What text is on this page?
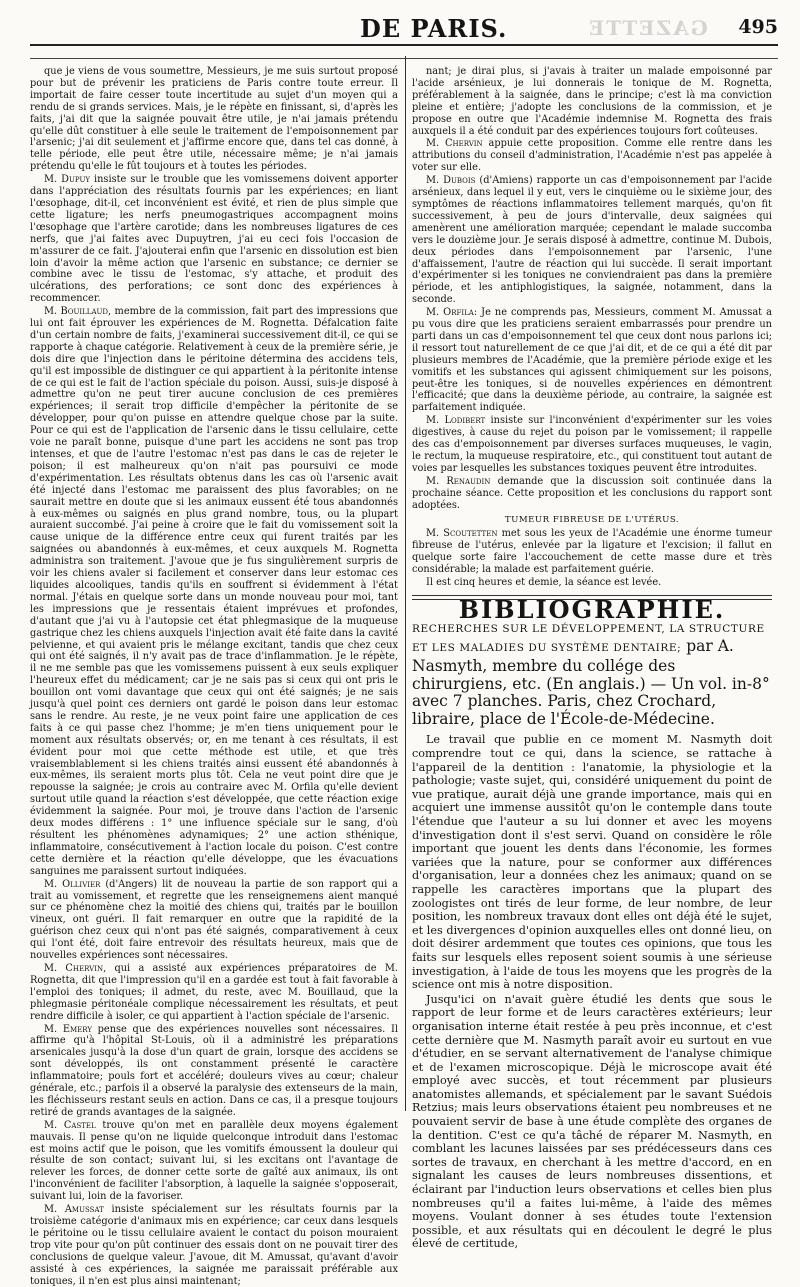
GAZETTE
DE PARIS.	495

que je viens de vous soumettre, Messieurs, je me suis surtout proposé pour but de prévenir les praticiens de Paris contre toute erreur. Il importait de faire cesser toute incertitude au sujet d'un moyen qui a rendu de si grands services. Mais, je le répète en finissant, si, d'après les faits, j'ai dit que la saignée pouvait être utile, je n'ai jamais prétendu qu'elle dût constituer à elle seule le traitement de l'empoisonnement par l'arsenic; j'ai dit seulement et j'affirme encore que, dans tel cas donné, à telle période, elle peut être utile, nécessaire même; je n'ai jamais prétendu qu'elle le fût toujours et à toutes les périodes.

M. Dupuy insiste sur le trouble que les vomissemens doivent apporter dans l'appréciation des résultats fournis par les expériences; en liant l'œsophage, dit-il, cet inconvénient est évité, et rien de plus simple que cette ligature; les nerfs pneumogastriques accompagnent moins l'œsophage que l'artère carotide; dans les nombreuses ligatures de ces nerfs, que j'ai faites avec Dupuytren, j'ai eu ceci fois l'occasion de m'assurer de ce fait. J'ajouterai enfin que l'arsenic en dissolution est bien loin d'avoir la même action que l'arsenic en substance; ce dernier se combine avec le tissu de l'estomac, s'y attache, et produit des ulcérations, des perforations; ce sont donc des expériences à recommencer.

M. Bouillaud, membre de la commission, fait part des impressions que lui ont fait éprouver les expériences de M. Rognetta. Défalcation faite d'un certain nombre de faits, j'examinerai successivement dit-il, ce qui se rapporte à chaque catégorie. Relativement à ceux de la première série, je dois dire que l'injection dans le péritoine détermina des accidens tels, qu'il est impossible de distinguer ce qui appartient à la péritonite intense de ce qui est le fait de l'action spéciale du poison. Aussi, suis-je disposé à admettre qu'on ne peut tirer aucune conclusion de ces premières expériences; il serait trop difficile d'empêcher la péritonite de se développer, pour qu'on puisse en attendre quelque chose par la suite. Pour ce qui est de l'application de l'arsenic dans le tissu cellulaire, cette voie ne paraît bonne, puisque d'une part les accidens ne sont pas trop intenses, et que de l'autre l'estomac n'est pas dans le cas de rejeter le poison; il est malheureux qu'on n'ait pas poursuivi ce mode d'expérimentation. Les résultats obtenus dans les cas où l'arsenic avait été injecté dans l'estomac me paraissent des plus favorables; on ne saurait mettre en doute que si les animaux eussent été tous abandonnés à eux-mêmes ou saignés en plus grand nombre, tous, ou la plupart auraient succombé. J'ai peine à croire que le fait du vomissement soit la cause unique de la différence entre ceux qui furent traités par les saignées ou abandonnés à eux-mêmes, et ceux auxquels M. Rognetta administra son traitement. J'avoue que je fus singulièrement surpris de voir les chiens avaler si facilement et conserver dans leur estomac ces liquides alcooliques, tandis qu'ils en souffrent si évidemment à l'état normal. J'étais en quelque sorte dans un monde nouveau pour moi, tant les impressions que je ressentais étaient imprévues et profondes, d'autant que j'ai vu à l'autopsie cet état phlegmasique de la muqueuse gastrique chez les chiens auxquels l'injection avait été faite dans la cavité pelvienne, et qui avaient pris le mélange excitant, tandis que chez ceux qui ont été saignés, il n'y avait pas de trace d'inflammation. Je le répète, il ne me semble pas que les vomissemens puissent à eux seuls expliquer l'heureux effet du médicament; car je ne sais pas si ceux qui ont pris le bouillon ont vomi davantage que ceux qui ont été saignés; je ne sais jusqu'à quel point ces derniers ont gardé le poison dans leur estomac sans le rendre. Au reste, je ne veux point faire une application de ces faits à ce qui passe chez l'homme; je m'en tiens uniquement pour le moment aux résultats observés; or, en me tenant à ces résultats, il est évident pour moi que cette méthode est utile, et que très vraisemblablement si les chiens traités ainsi eussent été abandonnés à eux-mêmes, ils seraient morts plus tôt. Cela ne veut point dire que je repousse la saignée; je crois au contraire avec M. Orfila qu'elle devient surtout utile quand la réaction s'est développée, que cette réaction exige évidemment la saignée. Pour moi, je trouve dans l'action de l'arsenic deux modes différens : 1° une influence spéciale sur le sang, d'où résultent les phénomènes adynamiques; 2° une action sthénique, inflammatoire, consécutivement à l'action locale du poison. C'est contre cette dernière et la réaction qu'elle développe, que les évacuations sanguines me paraissent surtout indiquées.

M. Ollivier (d'Angers) lit de nouveau la partie de son rapport qui a trait au vomissement, et regrette que les renseignemens aient manqué sur ce phénomène chez la moitié des chiens qui, traités par le bouillon vineux, ont guéri. Il fait remarquer en outre que la rapidité de la guérison chez ceux qui n'ont pas été saignés, comparativement à ceux qui l'ont été, doit faire entrevoir des résultats heureux, mais que de nouvelles expériences sont nécessaires.

M. Chervin, qui a assisté aux expériences préparatoires de M. Rognetta, dit que l'impression qu'il en a gardée est tout à fait favorable à l'emploi des toniques; il admet, du reste, avec M. Bouillaud, que la phlegmasie péritonéale complique nécessairement les résultats, et peut rendre difficile à isoler, ce qui appartient à l'action spéciale de l'arsenic.

M. Emery pense que des expériences nouvelles sont nécessaires. Il affirme qu'à l'hôpital St-Louis, où il a administré les préparations arsenicales jusqu'à la dose d'un quart de grain, lorsque des accidens se sont développés, ils ont constamment présenté le caractère inflammatoire; pouls fort et accéléré; douleurs vives au cœur; chaleur générale, etc.; parfois il a observé la paralysie des extenseurs de la main, les fléchisseurs restant seuls en action. Dans ce cas, il a presque toujours retiré de grands avantages de la saignée.

M. Castel trouve qu'on met en parallèle deux moyens également mauvais. Il pense qu'on ne liquide quelconque introduit dans l'estomac est moins actif que le poison, que les vomitifs émoussent la douleur qui résulte de son contact; suivant lui, si les excitans ont l'avantage de relever les forces, de donner cette sorte de gaîté aux animaux, ils ont l'inconvénient de faciliter l'absorption, à laquelle la saignée s'opposerait, suivant lui, loin de la favoriser.

M. Amussat insiste spécialement sur les résultats fournis par la troisième catégorie d'animaux mis en expérience; car ceux dans lesquels le péritoine ou le tissu cellulaire avaient le contact du poison mouraient trop vite pour qu'on pût continuer des essais dont on ne pouvait tirer des conclusions de quelque valeur. J'avoue, dit M. Amussat, qu'avant d'avoir assisté à ces expériences, la saignée me paraissait préférable aux toniques, il n'en est plus ainsi maintenant;

nant; je dirai plus, si j'avais à traiter un malade empoisonné par l'acide arsénieux, je lui donnerais le tonique de M. Rognetta, préférablement à la saignée, dans le principe; c'est là ma conviction pleine et entière; j'adopte les conclusions de la commission, et je propose en outre que l'Académie indemnise M. Rognetta des frais auxquels il a été conduit par des expériences toujours fort coûteuses.

M. Chervin appuie cette proposition. Comme elle rentre dans les attributions du conseil d'administration, l'Académie n'est pas appelée à voter sur elle.

M. Dubois (d'Amiens) rapporte un cas d'empoisonnement par l'acide arsénieux, dans lequel il y eut, vers le cinquième ou le sixième jour, des symptômes de réactions inflammatoires tellement marqués, qu'on fit successivement, à peu de jours d'intervalle, deux saignées qui amenèrent une amélioration marquée; cependant le malade succomba vers le douzième jour. Je serais disposé à admettre, continue M. Dubois, deux périodes dans l'empoisonnement par l'arsenic, l'une d'affaissement, l'autre de réaction qui lui succède. Il serait important d'expérimenter si les toniques ne conviendraient pas dans la première période, et les antiphlogistiques, la saignée, notamment, dans la seconde.

M. Orfila: Je ne comprends pas, Messieurs, comment M. Amussat a pu vous dire que les praticiens seraient embarrassés pour prendre un parti dans un cas d'empoisonnement tel que ceux dont nous parlons ici; il ressort tout naturellement de ce que j'ai dit, et de ce qui a été dit par plusieurs membres de l'Académie, que la première période exige et les vomitifs et les substances qui agissent chimiquement sur les poisons, peut-être les toniques, si de nouvelles expériences en démontrent l'efficacité; que dans la deuxième période, au contraire, la saignée est parfaitement indiquée.

M. Lodibert insiste sur l'inconvénient d'expérimenter sur les voies digestives, à cause du rejet du poison par le vomissement; il rappelle des cas d'empoisonnement par diverses surfaces muqueuses, le vagin, le rectum, la muqueuse respiratoire, etc., qui constituent tout autant de voies par lesquelles les substances toxiques peuvent être introduites.

M. Renaudin demande que la discussion soit continuée dans la prochaine séance. Cette proposition et les conclusions du rapport sont adoptées.

TUMEUR FIBREUSE DE L'UTÉRUS.

M. Scoutetten met sous les yeux de l'Académie une énorme tumeur fibreuse de l'utérus, enlevée par la ligature et l'excision; il fallut en quelque sorte faire l'accouchement de cette masse dure et très considérable; la malade est parfaitement guérie.

Il est cinq heures et demie, la séance est levée.

BIBLIOGRAPHIE.

RECHERCHES SUR LE DÉVELOPPEMENT, LA STRUCTURE ET LES MALADIES DU SYSTÈME DENTAIRE; par A. Nasmyth, membre du collége des chirurgiens, etc. (En anglais.) — Un vol. in-8° avec 7 planches. Paris, chez Crochard, libraire, place de l'École-de-Médecine.

Le travail que publie en ce moment M. Nasmyth doit comprendre tout ce qui, dans la science, se rattache à l'appareil de la dentition : l'anatomie, la physiologie et la pathologie; vaste sujet, qui, considéré uniquement du point de vue pratique, aurait déjà une grande importance, mais qui en acquiert une immense aussitôt qu'on le contemple dans toute l'étendue que l'auteur a su lui donner et avec les moyens d'investigation dont il s'est servi. Quand on considère le rôle important que jouent les dents dans l'économie, les formes variées que la nature, pour se conformer aux différences d'organisation, leur a données chez les animaux; quand on se rappelle les caractères importans que la plupart des zoologistes ont tirés de leur forme, de leur nombre, de leur position, les nombreux travaux dont elles ont déjà été le sujet, et les divergences d'opinion auxquelles elles ont donné lieu, on doit désirer ardemment que toutes ces opinions, que tous les faits sur lesquels elles reposent soient soumis à une sérieuse investigation, à l'aide de tous les moyens que les progrès de la science ont mis à notre disposition.

Jusqu'ici on n'avait guère étudié les dents que sous le rapport de leur forme et de leurs caractères extérieurs; leur organisation interne était restée à peu près inconnue, et c'est cette dernière que M. Nasmyth paraît avoir eu surtout en vue d'étudier, en se servant alternativement de l'analyse chimique et de l'examen microscopique. Déjà le microscope avait été employé avec succès, et tout récemment par plusieurs anatomistes allemands, et spécialement par le savant Suédois Retzius; mais leurs observations étaient peu nombreuses et ne pouvaient servir de base à une étude complète des organes de la dentition. C'est ce qu'a tâché de réparer M. Nasmyth, en comblant les lacunes laissées par ses prédécesseurs dans ces sortes de travaux, en cherchant à les mettre d'accord, en en signalant les causes de leurs nombreuses dissentions, et éclairant par l'induction leurs observations et celles bien plus nombreuses qu'il a faites lui-même, à l'aide des mêmes moyens. Voulant donner à ses études toute l'extension possible, et aux résultats qui en découlent le degré le plus élevé de certitude,
